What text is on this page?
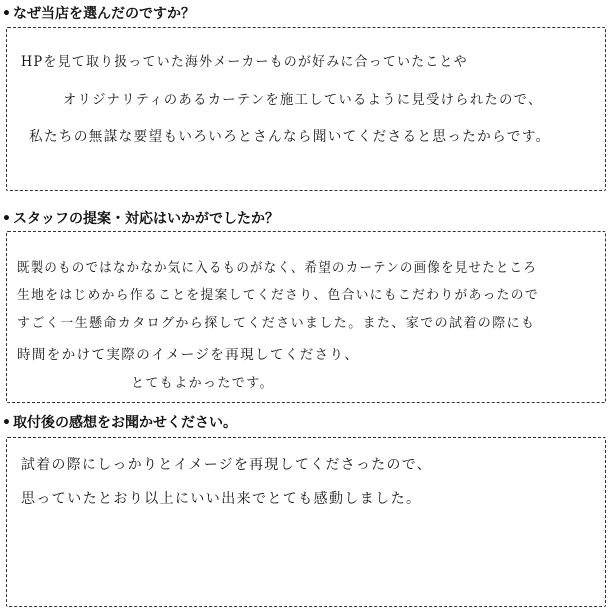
• なぜ当店を選んだのですか？
HPを見て取り扱っていた海外メーカーものが好みに合っていたことや
オリジナリティのあるカーテンを施工しているように見受けられたので、
私たちの無謀な要望もいろいろとさんなら聞いてくださると思ったからです。
• スタッフの提案・対応はいかがでしたか？
既製のものではなかなか気に入るものがなく、希望のカーテンの画像を見せたところ
生地をはじめから作ることを提案してくださり、色合いにもこだわりがあったので
すごく一生懸命カタログから探してくださいました。また、家での試着の際にも
時間をかけて実際のイメージを再現してくださり、
とてもよかったです。
• 取付後の感想をお聞かせください。
試着の際にしっかりとイメージを再現してくださったので、
思っていたとおり以上にいい出来でとても感動しました。
